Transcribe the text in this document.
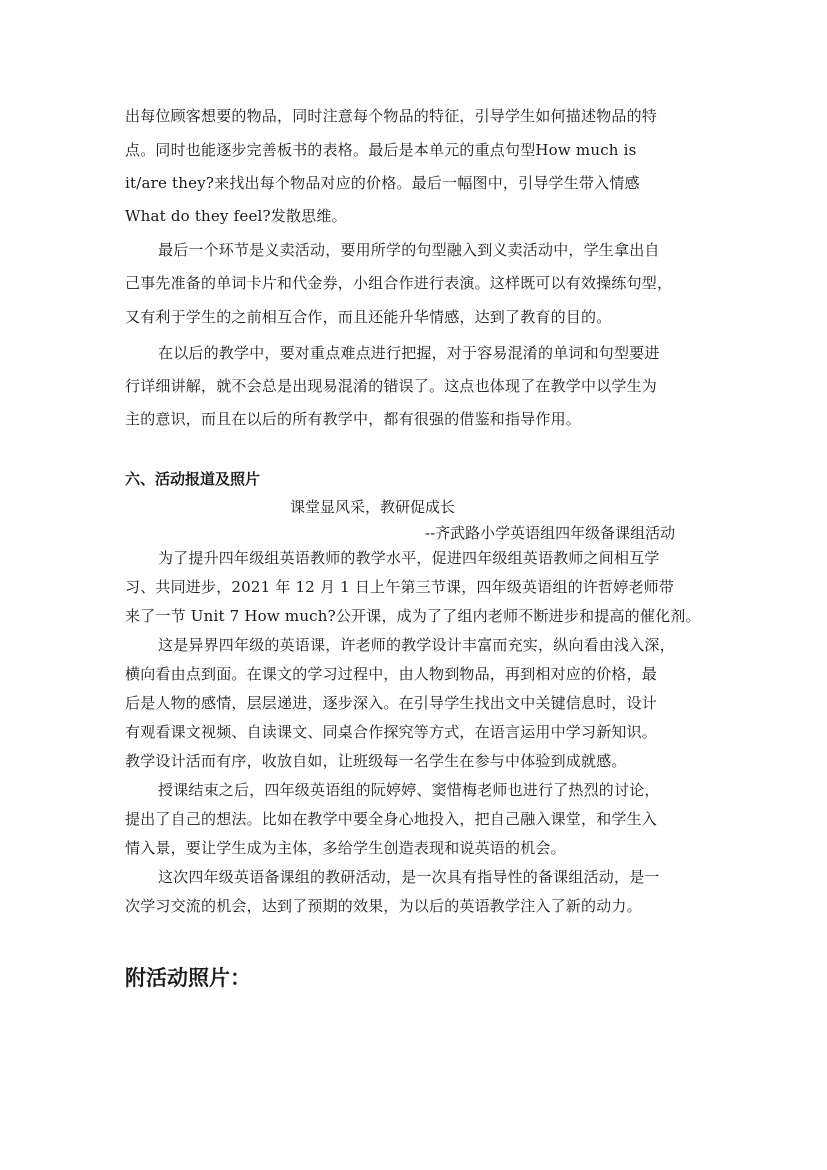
出每位顾客想要的物品，同时注意每个物品的特征，引导学生如何描述物品的特
点。同时也能逐步完善板书的表格。最后是本单元的重点句型How much is
it/are they?来找出每个物品对应的价格。最后一幅图中，引导学生带入情感
What do they feel?发散思维。
最后一个环节是义卖活动，要用所学的句型融入到义卖活动中，学生拿出自
己事先准备的单词卡片和代金券，小组合作进行表演。这样既可以有效操练句型，
又有利于学生的之前相互合作，而且还能升华情感，达到了教育的目的。
在以后的教学中，要对重点难点进行把握，对于容易混淆的单词和句型要进
行详细讲解，就不会总是出现易混淆的错误了。这点也体现了在教学中以学生为
主的意识，而且在以后的所有教学中，都有很强的借鉴和指导作用。
六、活动报道及照片
课堂显风采，教研促成长
--齐武路小学英语组四年级备课组活动
为了提升四年级组英语教师的教学水平，促进四年级组英语教师之间相互学
习、共同进步，2021 年 12 月 1 日上午第三节课，四年级英语组的许哲婷老师带
来了一节 Unit 7 How much?公开课，成为了了组内老师不断进步和提高的催化剂。
这是异界四年级的英语课，许老师的教学设计丰富而充实，纵向看由浅入深，
横向看由点到面。在课文的学习过程中，由人物到物品，再到相对应的价格，最
后是人物的感情，层层递进，逐步深入。在引导学生找出文中关键信息时，设计
有观看课文视频、自读课文、同桌合作探究等方式，在语言运用中学习新知识。
教学设计活而有序，收放自如，让班级每一名学生在参与中体验到成就感。
授课结束之后，四年级英语组的阮婷婷、窦惜梅老师也进行了热烈的讨论，
提出了自己的想法。比如在教学中要全身心地投入，把自己融入课堂，和学生入
情入景，要让学生成为主体，多给学生创造表现和说英语的机会。
这次四年级英语备课组的教研活动，是一次具有指导性的备课组活动，是一
次学习交流的机会，达到了预期的效果，为以后的英语教学注入了新的动力。
附活动照片：
